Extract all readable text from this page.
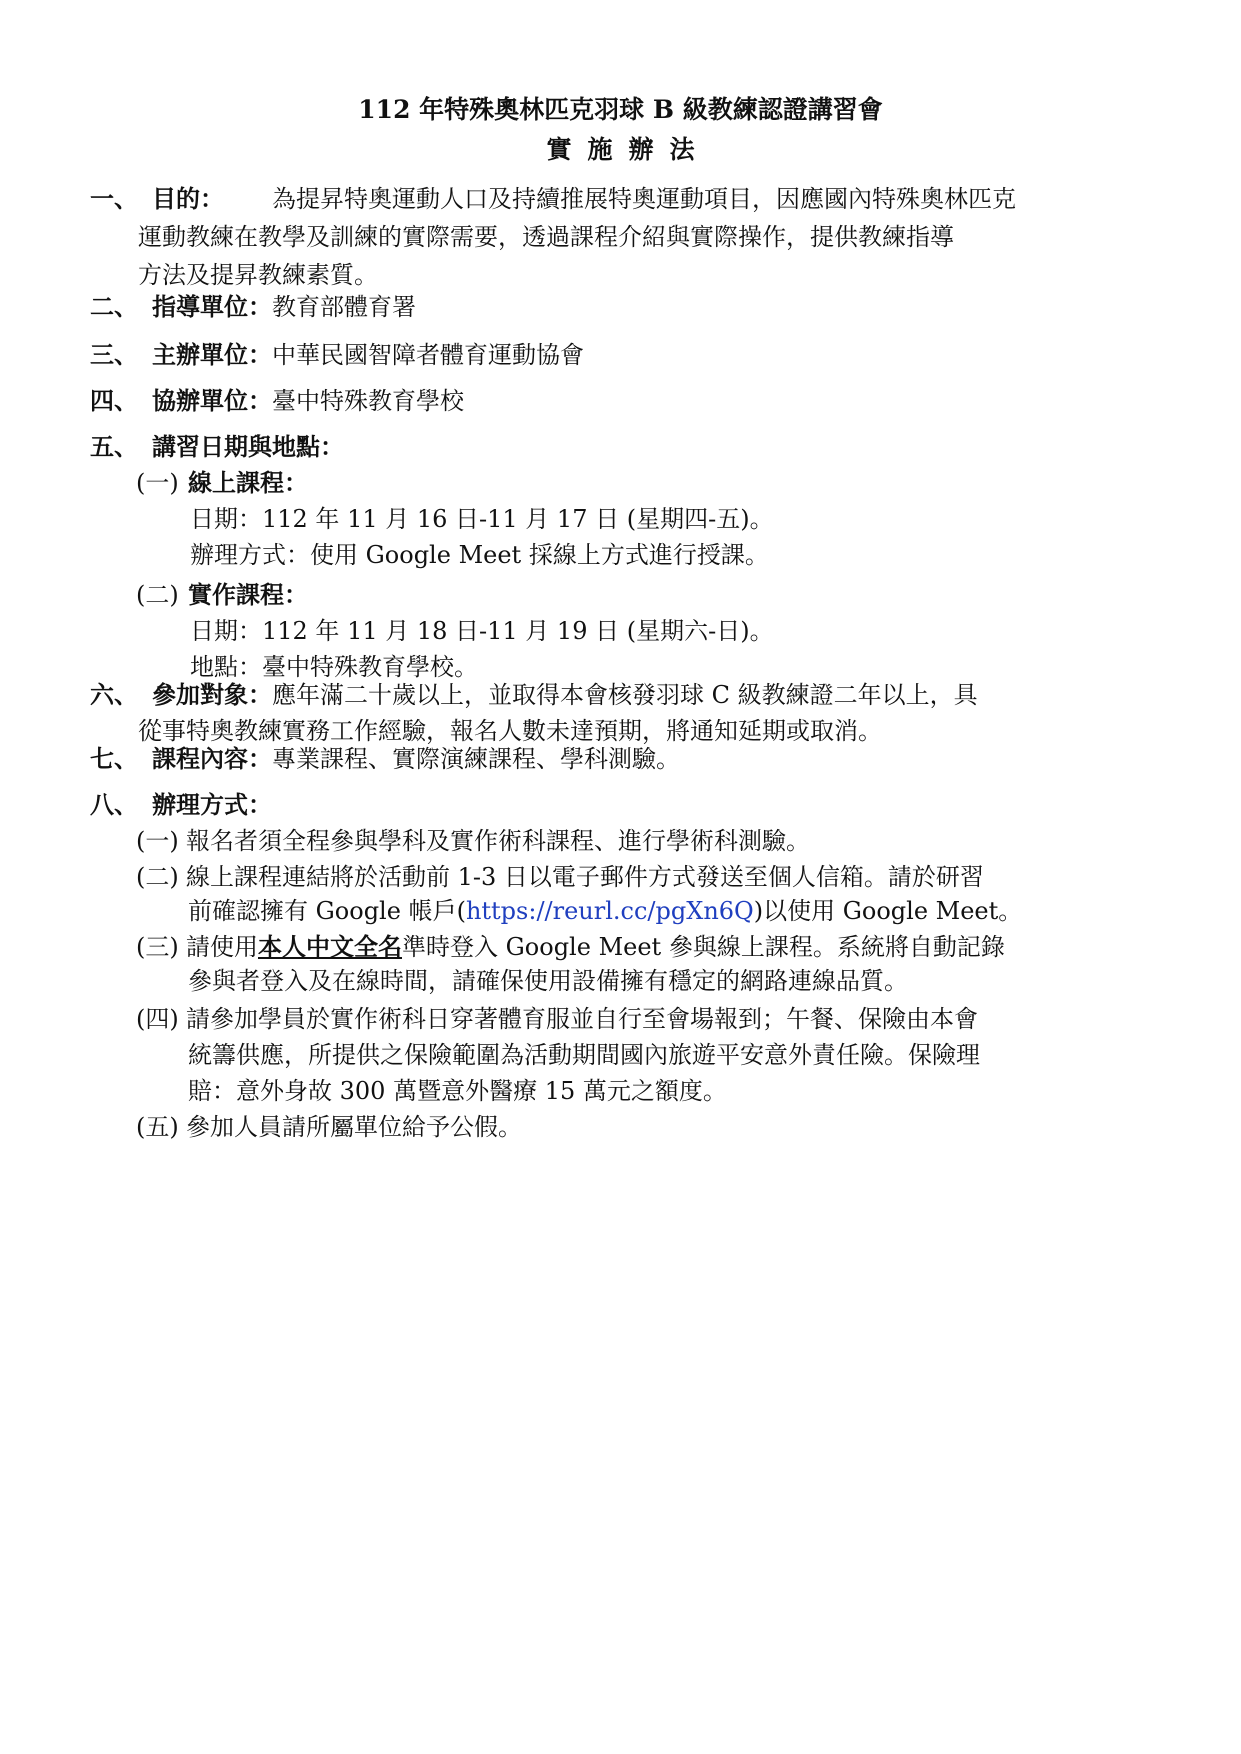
112 年特殊奧林匹克羽球 B 級教練認證講習會
實施辦法
一、 目的： 為提昇特奧運動人口及持續推展特奧運動項目，因應國內特殊奧林匹克
運動教練在教學及訓練的實際需要，透過課程介紹與實際操作，提供教練指導
方法及提昇教練素質。
二、 指導單位： 教育部體育署
三、 主辦單位： 中華民國智障者體育運動協會
四、 協辦單位： 臺中特殊教育學校
五、 講習日期與地點：
(一) 線上課程：
日期：112 年 11 月 16 日-11 月 17 日 (星期四-五)。
辦理方式：使用 Google Meet 採線上方式進行授課。
(二) 實作課程：
日期：112 年 11 月 18 日-11 月 19 日 (星期六-日)。
地點：臺中特殊教育學校。
六、 參加對象： 應年滿二十歲以上，並取得本會核發羽球 C 級教練證二年以上，具
從事特奧教練實務工作經驗，報名人數未達預期，將通知延期或取消。
七、 課程內容： 專業課程、實際演練課程、學科測驗。
八、 辦理方式：
(一) 報名者須全程參與學科及實作術科課程、進行學術科測驗。
(二) 線上課程連結將於活動前 1-3 日以電子郵件方式發送至個人信箱。請於研習
前確認擁有 Google 帳戶(https://reurl.cc/pgXn6Q)以使用 Google Meet。
(三) 請使用本人中文全名準時登入 Google Meet 參與線上課程。系統將自動記錄
參與者登入及在線時間，請確保使用設備擁有穩定的網路連線品質。
(四) 請參加學員於實作術科日穿著體育服並自行至會場報到；午餐、保險由本會
統籌供應，所提供之保險範圍為活動期間國內旅遊平安意外責任險。保險理
賠：意外身故 300 萬暨意外醫療 15 萬元之額度。
(五) 參加人員請所屬單位給予公假。
